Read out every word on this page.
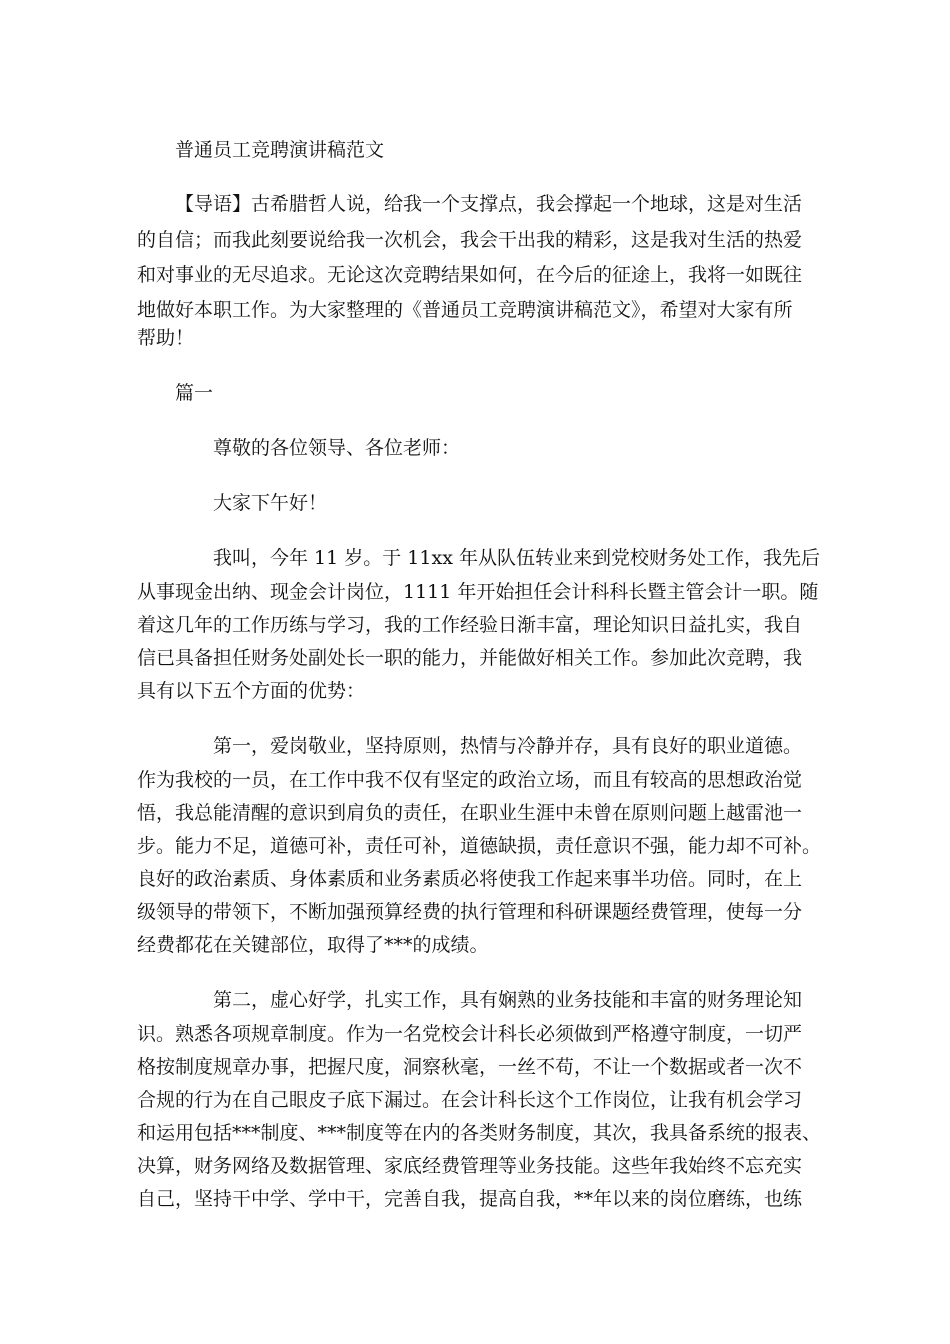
普通员工竞聘演讲稿范文
【导语】古希腊哲人说，给我一个支撑点，我会撑起一个地球，这是对生活
的自信；而我此刻要说给我一次机会，我会干出我的精彩，这是我对生活的热爱
和对事业的无尽追求。无论这次竞聘结果如何，在今后的征途上，我将一如既往
地做好本职工作。为大家整理的《普通员工竞聘演讲稿范文》，希望对大家有所
帮助！
篇一
尊敬的各位领导、各位老师：
大家下午好！
我叫，今年 11 岁。于 11xx 年从队伍转业来到党校财务处工作，我先后
从事现金出纳、现金会计岗位，1111 年开始担任会计科科长暨主管会计一职。随
着这几年的工作历练与学习，我的工作经验日渐丰富，理论知识日益扎实，我自
信已具备担任财务处副处长一职的能力，并能做好相关工作。参加此次竞聘，我
具有以下五个方面的优势：
第一，爱岗敬业，坚持原则，热情与冷静并存，具有良好的职业道德。
作为我校的一员，在工作中我不仅有坚定的政治立场，而且有较高的思想政治觉
悟，我总能清醒的意识到肩负的责任，在职业生涯中未曾在原则问题上越雷池一
步。能力不足，道德可补，责任可补，道德缺损，责任意识不强，能力却不可补。
良好的政治素质、身体素质和业务素质必将使我工作起来事半功倍。同时，在上
级领导的带领下，不断加强预算经费的执行管理和科研课题经费管理，使每一分
经费都花在关键部位，取得了***的成绩。
第二，虚心好学，扎实工作，具有娴熟的业务技能和丰富的财务理论知
识。熟悉各项规章制度。作为一名党校会计科长必须做到严格遵守制度，一切严
格按制度规章办事，把握尺度，洞察秋毫，一丝不苟，不让一个数据或者一次不
合规的行为在自己眼皮子底下漏过。在会计科长这个工作岗位，让我有机会学习
和运用包括***制度、***制度等在内的各类财务制度，其次，我具备系统的报表、
决算，财务网络及数据管理、家底经费管理等业务技能。这些年我始终不忘充实
自己，坚持干中学、学中干，完善自我，提高自我，**年以来的岗位磨练，也练
